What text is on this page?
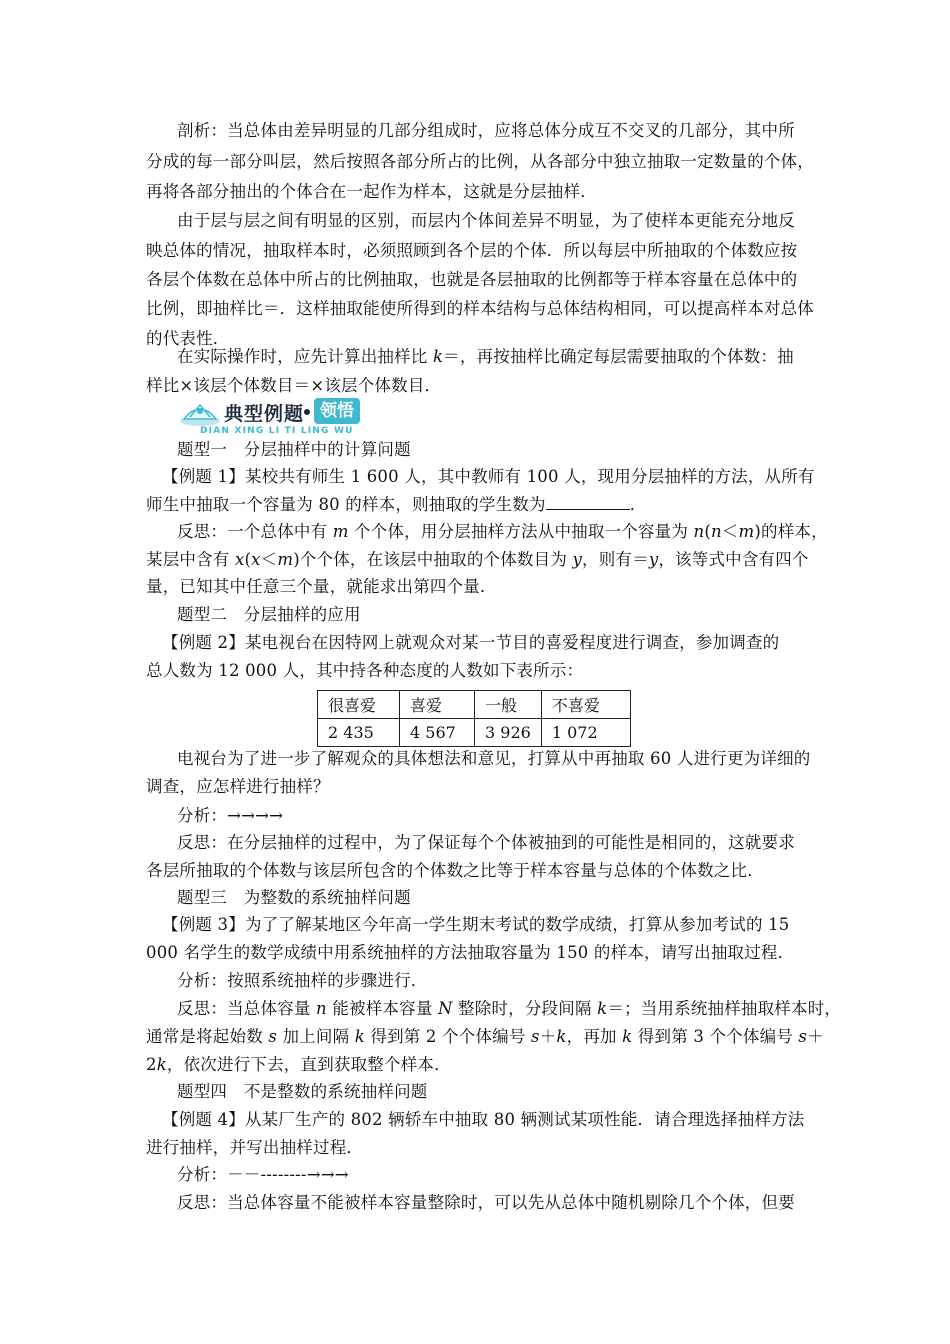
剖析：当总体由差异明显的几部分组成时，应将总体分成互不交叉的几部分，其中所
分成的每一部分叫层，然后按照各部分所占的比例，从各部分中独立抽取一定数量的个体，
再将各部分抽出的个体合在一起作为样本，这就是分层抽样．
由于层与层之间有明显的区别，而层内个体间差异不明显，为了使样本更能充分地反
映总体的情况，抽取样本时，必须照顾到各个层的个体．所以每层中所抽取的个体数应按
各层个体数在总体中所占的比例抽取，也就是各层抽取的比例都等于样本容量在总体中的
比例，即抽样比＝．这样抽取能使所得到的样本结构与总体结构相同，可以提高样本对总体
的代表性．
在实际操作时，应先计算出抽样比 k＝，再按抽样比确定每层需要抽取的个体数：抽
样比×该层个体数目＝×该层个体数目．
典型例题 领悟
DIAN XING LI TI LING WU
题型一　分层抽样中的计算问题
【例题 1】某校共有师生 1 600 人，其中教师有 100 人，现用分层抽样的方法，从所有
师生中抽取一个容量为 80 的样本，则抽取的学生数为	．
反思：一个总体中有 m 个个体，用分层抽样方法从中抽取一个容量为 n(n＜m)的样本，
某层中含有 x(x＜m)个个体，在该层中抽取的个体数目为 y，则有＝y，该等式中含有四个
量，已知其中任意三个量，就能求出第四个量．
题型二　分层抽样的应用
【例题 2】某电视台在因特网上就观众对某一节目的喜爱程度进行调查，参加调查的
总人数为 12 000 人，其中持各种态度的人数如下表所示：
很喜爱	喜爱	一般	不喜爱
2 435	4 567	3 926	1 072
电视台为了进一步了解观众的具体想法和意见，打算从中再抽取 60 人进行更为详细的
调查，应怎样进行抽样？
分析：→→→→
反思：在分层抽样的过程中，为了保证每个个体被抽到的可能性是相同的，这就要求
各层所抽取的个体数与该层所包含的个体数之比等于样本容量与总体的个体数之比．
题型三　为整数的系统抽样问题
【例题 3】为了了解某地区今年高一学生期末考试的数学成绩，打算从参加考试的 15
000 名学生的数学成绩中用系统抽样的方法抽取容量为 150 的样本，请写出抽取过程．
分析：按照系统抽样的步骤进行．
反思：当总体容量 n 能被样本容量 N 整除时，分段间隔 k＝；当用系统抽样抽取样本时，
通常是将起始数 s 加上间隔 k 得到第 2 个个体编号 s＋k，再加 k 得到第 3 个个体编号 s＋
2k，依次进行下去，直到获取整个样本．
题型四　不是整数的系统抽样问题
【例题 4】从某厂生产的 802 辆轿车中抽取 80 辆测试某项性能．请合理选择抽样方法
进行抽样，并写出抽样过程．
分析：－－--------→→→
反思：当总体容量不能被样本容量整除时，可以先从总体中随机剔除几个个体，但要
